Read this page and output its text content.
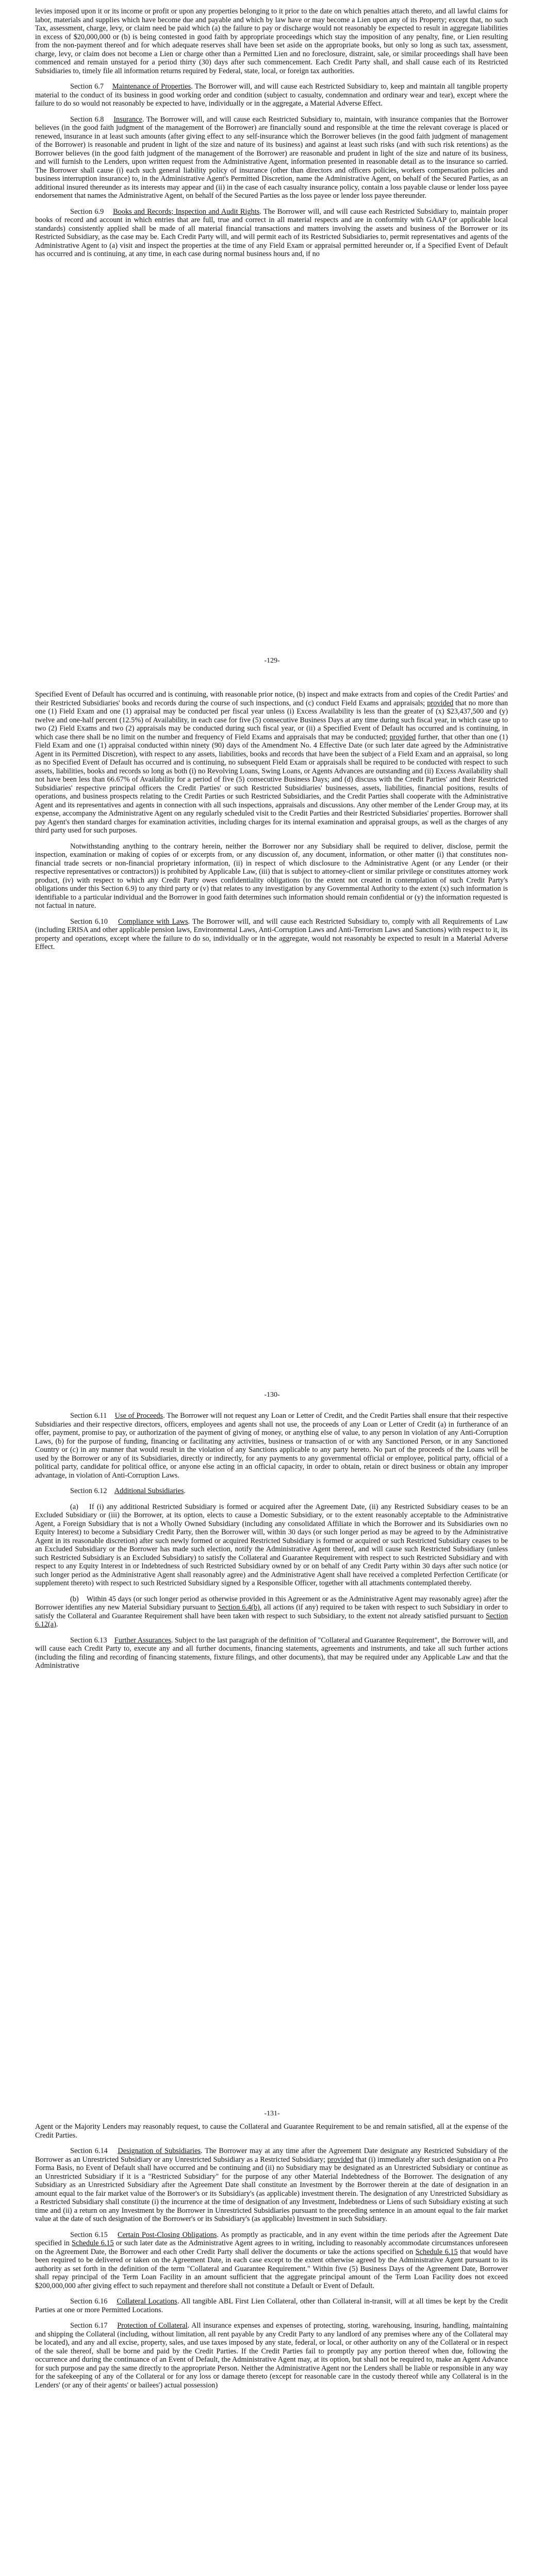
levies imposed upon it or its income or profit or upon any properties belonging to it prior to the date on which penalties attach thereto, and all lawful claims for labor, materials and supplies which have become due and payable and which by law have or may become a Lien upon any of its Property; except that, no such Tax, assessment, charge, levy, or claim need be paid which (a) the failure to pay or discharge would not reasonably be expected to result in aggregate liabilities in excess of $20,000,000 or (b) is being contested in good faith by appropriate proceedings which stay the imposition of any penalty, fine, or Lien resulting from the non-payment thereof and for which adequate reserves shall have been set aside on the appropriate books, but only so long as such tax, assessment, charge, levy, or claim does not become a Lien or charge other than a Permitted Lien and no foreclosure, distraint, sale, or similar proceedings shall have been commenced and remain unstayed for a period thirty (30) days after such commencement. Each Credit Party shall, and shall cause each of its Restricted Subsidiaries to, timely file all information returns required by Federal, state, local, or foreign tax authorities.

Section 6.7 Maintenance of Properties. The Borrower will, and will cause each Restricted Subsidiary to, keep and maintain all tangible property material to the conduct of its business in good working order and condition (subject to casualty, condemnation and ordinary wear and tear), except where the failure to do so would not reasonably be expected to have, individually or in the aggregate, a Material Adverse Effect.

Section 6.8 Insurance. The Borrower will, and will cause each Restricted Subsidiary to, maintain, with insurance companies that the Borrower believes (in the good faith judgment of the management of the Borrower) are financially sound and responsible at the time the relevant coverage is placed or renewed, insurance in at least such amounts (after giving effect to any self-insurance which the Borrower believes (in the good faith judgment of management of the Borrower) is reasonable and prudent in light of the size and nature of its business) and against at least such risks (and with such risk retentions) as the Borrower believes (in the good faith judgment of the management of the Borrower) are reasonable and prudent in light of the size and nature of its business, and will furnish to the Lenders, upon written request from the Administrative Agent, information presented in reasonable detail as to the insurance so carried. The Borrower shall cause (i) each such general liability policy of insurance (other than directors and officers policies, workers compensation policies and business interruption insurance) to, in the Administrative Agent's Permitted Discretion, name the Administrative Agent, on behalf of the Secured Parties, as an additional insured thereunder as its interests may appear and (ii) in the case of each casualty insurance policy, contain a loss payable clause or lender loss payee endorsement that names the Administrative Agent, on behalf of the Secured Parties as the loss payee or lender loss payee thereunder.

Section 6.9 Books and Records; Inspection and Audit Rights. The Borrower will, and will cause each Restricted Subsidiary to, maintain proper books of record and account in which entries that are full, true and correct in all material respects and are in conformity with GAAP (or applicable local standards) consistently applied shall be made of all material financial transactions and matters involving the assets and business of the Borrower or its Restricted Subsidiary, as the case may be. Each Credit Party will, and will permit each of its Restricted Subsidiaries to, permit representatives and agents of the Administrative Agent to (a) visit and inspect the properties at the time of any Field Exam or appraisal permitted hereunder or, if a Specified Event of Default has occurred and is continuing, at any time, in each case during normal business hours and, if no

-129-

Specified Event of Default has occurred and is continuing, with reasonable prior notice, (b) inspect and make extracts from and copies of the Credit Parties' and their Restricted Subsidiaries' books and records during the course of such inspections, and (c) conduct Field Exams and appraisals; provided that no more than one (1) Field Exam and one (1) appraisal may be conducted per fiscal year unless (i) Excess Availability is less than the greater of (x) $23,437,500 and (y) twelve and one-half percent (12.5%) of Availability, in each case for five (5) consecutive Business Days at any time during such fiscal year, in which case up to two (2) Field Exams and two (2) appraisals may be conducted during such fiscal year, or (ii) a Specified Event of Default has occurred and is continuing, in which case there shall be no limit on the number and frequency of Field Exams and appraisals that may be conducted; provided further, that other than one (1) Field Exam and one (1) appraisal conducted within ninety (90) days of the Amendment No. 4 Effective Date (or such later date agreed by the Administrative Agent in its Permitted Discretion), with respect to any assets, liabilities, books and records that have been the subject of a Field Exam and an appraisal, so long as no Specified Event of Default has occurred and is continuing, no subsequent Field Exam or appraisals shall be required to be conducted with respect to such assets, liabilities, books and records so long as both (i) no Revolving Loans, Swing Loans, or Agents Advances are outstanding and (ii) Excess Availability shall not have been less than 66.67% of Availability for a period of five (5) consecutive Business Days; and (d) discuss with the Credit Parties' and their Restricted Subsidiaries' respective principal officers the Credit Parties' or such Restricted Subsidiaries' businesses, assets, liabilities, financial positions, results of operations, and business prospects relating to the Credit Parties or such Restricted Subsidiaries, and the Credit Parties shall cooperate with the Administrative Agent and its representatives and agents in connection with all such inspections, appraisals and discussions. Any other member of the Lender Group may, at its expense, accompany the Administrative Agent on any regularly scheduled visit to the Credit Parties and their Restricted Subsidiaries' properties. Borrower shall pay Agent's then standard charges for examination activities, including charges for its internal examination and appraisal groups, as well as the charges of any third party used for such purposes.

Notwithstanding anything to the contrary herein, neither the Borrower nor any Subsidiary shall be required to deliver, disclose, permit the inspection, examination or making of copies of or excerpts from, or any discussion of, any document, information, or other matter (i) that constitutes non-financial trade secrets or non-financial proprietary information, (ii) in respect of which disclosure to the Administrative Agent (or any Lender (or their respective representatives or contractors)) is prohibited by Applicable Law, (iii) that is subject to attorney-client or similar privilege or constitutes attorney work product, (iv) with respect to which any Credit Party owes confidentiality obligations (to the extent not created in contemplation of such Credit Party's obligations under this Section 6.9) to any third party or (v) that relates to any investigation by any Governmental Authority to the extent (x) such information is identifiable to a particular individual and the Borrower in good faith determines such information should remain confidential or (y) the information requested is not factual in nature.

Section 6.10 Compliance with Laws. The Borrower will, and will cause each Restricted Subsidiary to, comply with all Requirements of Law (including ERISA and other applicable pension laws, Environmental Laws, Anti-Corruption Laws and Anti-Terrorism Laws and Sanctions) with respect to it, its property and operations, except where the failure to do so, individually or in the aggregate, would not reasonably be expected to result in a Material Adverse Effect.

-130-

Section 6.11 Use of Proceeds. The Borrower will not request any Loan or Letter of Credit, and the Credit Parties shall ensure that their respective Subsidiaries and their respective directors, officers, employees and agents shall not use, the proceeds of any Loan or Letter of Credit (a) in furtherance of an offer, payment, promise to pay, or authorization of the payment of giving of money, or anything else of value, to any person in violation of any Anti-Corruption Laws, (b) for the purpose of funding, financing or facilitating any activities, business or transaction of or with any Sanctioned Person, or in any Sanctioned Country or (c) in any manner that would result in the violation of any Sanctions applicable to any party hereto. No part of the proceeds of the Loans will be used by the Borrower or any of its Subsidiaries, directly or indirectly, for any payments to any governmental official or employee, political party, official of a political party, candidate for political office, or anyone else acting in an official capacity, in order to obtain, retain or direct business or obtain any improper advantage, in violation of Anti-Corruption Laws.

Section 6.12 Additional Subsidiaries.

(a)    If (i) any additional Restricted Subsidiary is formed or acquired after the Agreement Date, (ii) any Restricted Subsidiary ceases to be an Excluded Subsidiary or (iii) the Borrower, at its option, elects to cause a Domestic Subsidiary, or to the extent reasonably acceptable to the Administrative Agent, a Foreign Subsidiary that is not a Wholly Owned Subsidiary (including any consolidated Affiliate in which the Borrower and its Subsidiaries own no Equity Interest) to become a Subsidiary Credit Party, then the Borrower will, within 30 days (or such longer period as may be agreed to by the Administrative Agent in its reasonable discretion) after such newly formed or acquired Restricted Subsidiary is formed or acquired or such Restricted Subsidiary ceases to be an Excluded Subsidiary or the Borrower has made such election, notify the Administrative Agent thereof, and will cause such Restricted Subsidiary (unless such Restricted Subsidiary is an Excluded Subsidiary) to satisfy the Collateral and Guarantee Requirement with respect to such Restricted Subsidiary and with respect to any Equity Interest in or Indebtedness of such Restricted Subsidiary owned by or on behalf of any Credit Party within 30 days after such notice (or such longer period as the Administrative Agent shall reasonably agree) and the Administrative Agent shall have received a completed Perfection Certificate (or supplement thereto) with respect to such Restricted Subsidiary signed by a Responsible Officer, together with all attachments contemplated thereby.

(b)    Within 45 days (or such longer period as otherwise provided in this Agreement or as the Administrative Agent may reasonably agree) after the Borrower identifies any new Material Subsidiary pursuant to Section 6.4(b), all actions (if any) required to be taken with respect to such Subsidiary in order to satisfy the Collateral and Guarantee Requirement shall have been taken with respect to such Subsidiary, to the extent not already satisfied pursuant to Section 6.12(a).

Section 6.13 Further Assurances. Subject to the last paragraph of the definition of "Collateral and Guarantee Requirement", the Borrower will, and will cause each Credit Party to, execute any and all further documents, financing statements, agreements and instruments, and take all such further actions (including the filing and recording of financing statements, fixture filings, and other documents), that may be required under any Applicable Law and that the Administrative

-131-

Agent or the Majority Lenders may reasonably request, to cause the Collateral and Guarantee Requirement to be and remain satisfied, all at the expense of the Credit Parties.

Section 6.14 Designation of Subsidiaries. The Borrower may at any time after the Agreement Date designate any Restricted Subsidiary of the Borrower as an Unrestricted Subsidiary or any Unrestricted Subsidiary as a Restricted Subsidiary; provided that (i) immediately after such designation on a Pro Forma Basis, no Event of Default shall have occurred and be continuing and (ii) no Subsidiary may be designated as an Unrestricted Subsidiary or continue as an Unrestricted Subsidiary if it is a "Restricted Subsidiary" for the purpose of any other Material Indebtedness of the Borrower. The designation of any Subsidiary as an Unrestricted Subsidiary after the Agreement Date shall constitute an Investment by the Borrower therein at the date of designation in an amount equal to the fair market value of the Borrower's or its Subsidiary's (as applicable) investment therein. The designation of any Unrestricted Subsidiary as a Restricted Subsidiary shall constitute (i) the incurrence at the time of designation of any Investment, Indebtedness or Liens of such Subsidiary existing at such time and (ii) a return on any Investment by the Borrower in Unrestricted Subsidiaries pursuant to the preceding sentence in an amount equal to the fair market value at the date of such designation of the Borrower's or its Subsidiary's (as applicable) Investment in such Subsidiary.

Section 6.15 Certain Post-Closing Obligations. As promptly as practicable, and in any event within the time periods after the Agreement Date specified in Schedule 6.15 or such later date as the Administrative Agent agrees to in writing, including to reasonably accommodate circumstances unforeseen on the Agreement Date, the Borrower and each other Credit Party shall deliver the documents or take the actions specified on Schedule 6.15 that would have been required to be delivered or taken on the Agreement Date, in each case except to the extent otherwise agreed by the Administrative Agent pursuant to its authority as set forth in the definition of the term "Collateral and Guarantee Requirement." Within five (5) Business Days of the Agreement Date, Borrower shall repay principal of the Term Loan Facility in an amount sufficient that the aggregate principal amount of the Term Loan Facility does not exceed $200,000,000 after giving effect to such repayment and therefore shall not constitute a Default or Event of Default.

Section 6.16 Collateral Locations. All tangible ABL First Lien Collateral, other than Collateral in-transit, will at all times be kept by the Credit Parties at one or more Permitted Locations.

Section 6.17 Protection of Collateral. All insurance expenses and expenses of protecting, storing, warehousing, insuring, handling, maintaining and shipping the Collateral (including, without limitation, all rent payable by any Credit Party to any landlord of any premises where any of the Collateral may be located), and any and all excise, property, sales, and use taxes imposed by any state, federal, or local, or other authority on any of the Collateral or in respect of the sale thereof, shall be borne and paid by the Credit Parties. If the Credit Parties fail to promptly pay any portion thereof when due, following the occurrence and during the continuance of an Event of Default, the Administrative Agent may, at its option, but shall not be required to, make an Agent Advance for such purpose and pay the same directly to the appropriate Person. Neither the Administrative Agent nor the Lenders shall be liable or responsible in any way for the safekeeping of any of the Collateral or for any loss or damage thereto (except for reasonable care in the custody thereof while any Collateral is in the Lenders' (or any of their agents' or bailees') actual possession)
